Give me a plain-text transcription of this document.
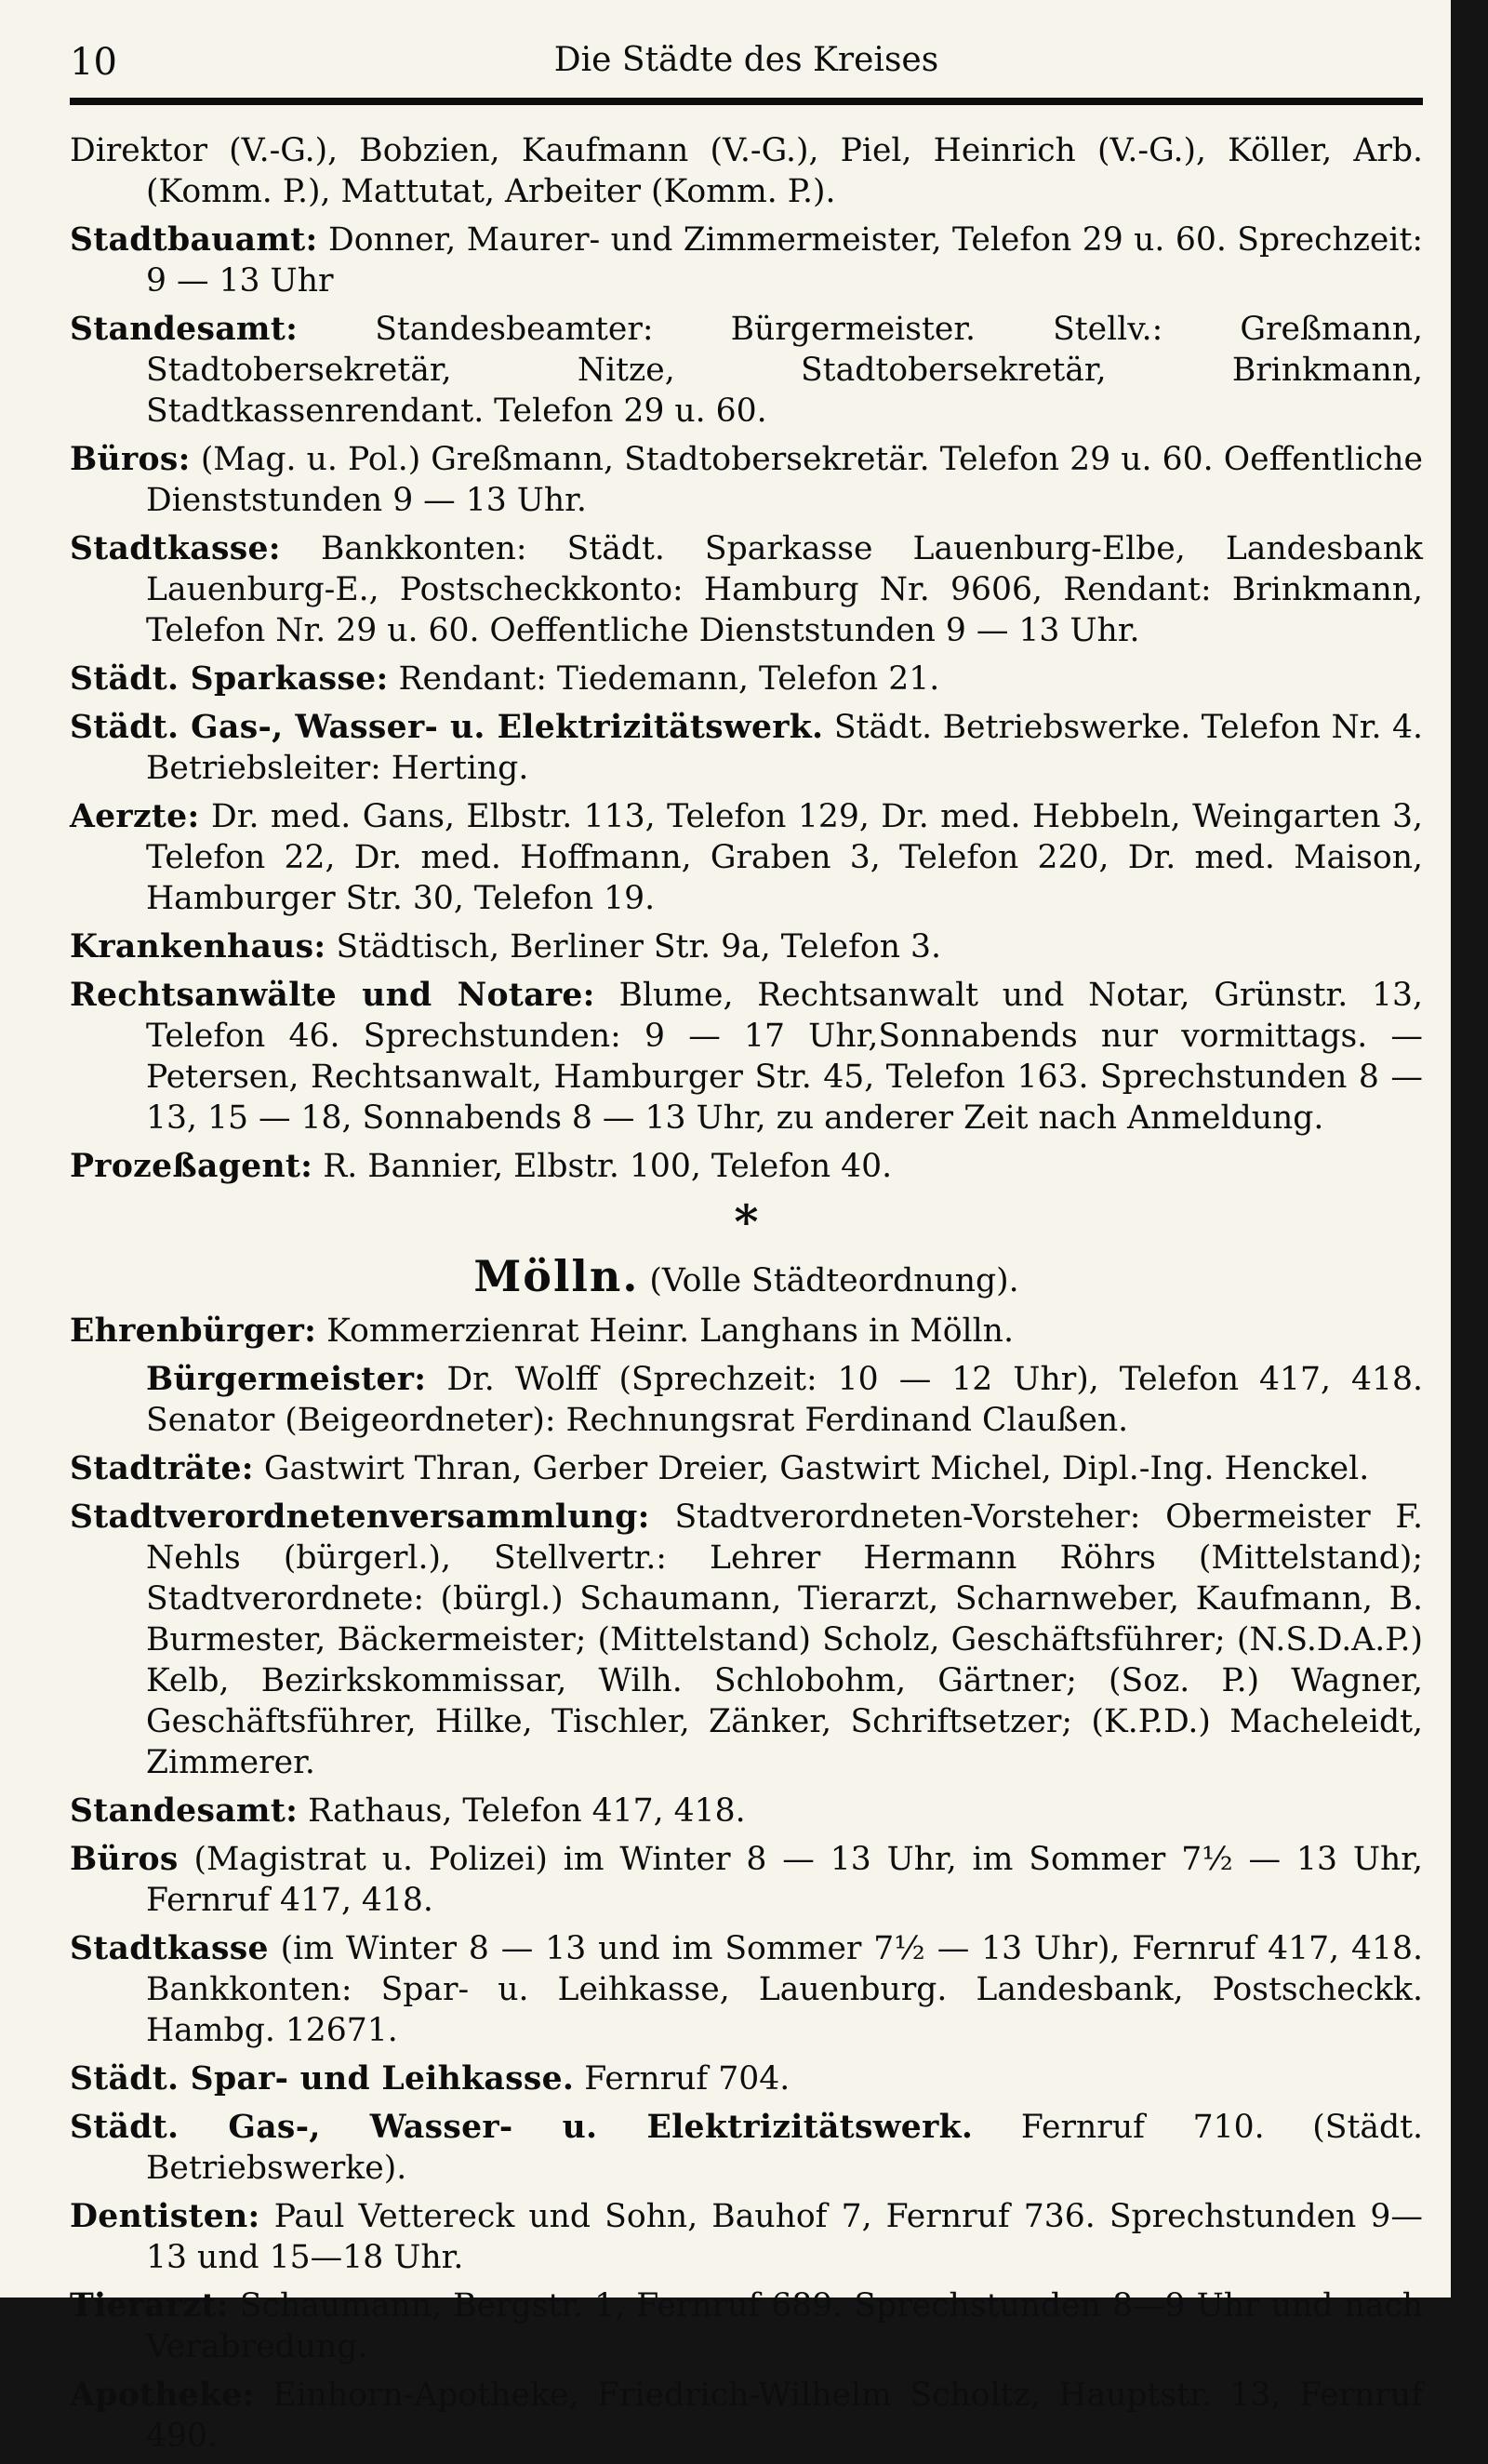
10	Die Städte des Kreises

Direktor (V.-G.), Bobzien, Kaufmann (V.-G.), Piel, Heinrich (V.-G.), Köller, Arb. (Komm. P.), Mattutat, Arbeiter (Komm. P.).

Stadtbauamt: Donner, Maurer- und Zimmermeister, Telefon 29 u. 60. Sprechzeit: 9 — 13 Uhr

Standesamt: Standesbeamter: Bürgermeister. Stellv.: Greßmann, Stadtobersekretär, Nitze, Stadtobersekretär, Brinkmann, Stadtkassenrendant. Telefon 29 u. 60.

Büros: (Mag. u. Pol.) Greßmann, Stadtobersekretär. Telefon 29 u. 60. Oeffentliche Dienststunden 9 — 13 Uhr.

Stadtkasse: Bankkonten: Städt. Sparkasse Lauenburg-Elbe, Landesbank Lauenburg-E., Postscheckkonto: Hamburg Nr. 9606, Rendant: Brinkmann, Telefon Nr. 29 u. 60. Oeffentliche Dienststunden 9 — 13 Uhr.

Städt. Sparkasse: Rendant: Tiedemann, Telefon 21.

Städt. Gas-, Wasser- u. Elektrizitätswerk. Städt. Betriebswerke. Telefon Nr. 4. Betriebsleiter: Herting.

Aerzte: Dr. med. Gans, Elbstr. 113, Telefon 129, Dr. med. Hebbeln, Weingarten 3, Telefon 22, Dr. med. Hoffmann, Graben 3, Telefon 220, Dr. med. Maison, Hamburger Str. 30, Telefon 19.

Krankenhaus: Städtisch, Berliner Str. 9a, Telefon 3.

Rechtsanwälte und Notare: Blume, Rechtsanwalt und Notar, Grünstr. 13, Telefon 46. Sprechstunden: 9 — 17 Uhr,Sonnabends nur vormittags. — Petersen, Rechtsanwalt, Hamburger Str. 45, Telefon 163. Sprechstunden 8 — 13, 15 — 18, Sonnabends 8 — 13 Uhr, zu anderer Zeit nach Anmeldung.

Prozeßagent: R. Bannier, Elbstr. 100, Telefon 40.

*
Mölln. (Volle Städteordnung).

Ehrenbürger: Kommerzienrat Heinr. Langhans in Mölln.

Bürgermeister: Dr. Wolff (Sprechzeit: 10 — 12 Uhr), Telefon 417, 418. Senator (Beigeordneter): Rechnungsrat Ferdinand Claußen.

Stadträte: Gastwirt Thran, Gerber Dreier, Gastwirt Michel, Dipl.-Ing. Henckel.

Stadtverordnetenversammlung: Stadtverordneten-Vorsteher: Obermeister F. Nehls (bürgerl.), Stellvertr.: Lehrer Hermann Röhrs (Mittelstand); Stadtverordnete: (bürgl.) Schaumann, Tierarzt, Scharnweber, Kaufmann, B. Burmester, Bäckermeister; (Mittelstand) Scholz, Geschäftsführer; (N.S.D.A.P.) Kelb, Bezirkskommissar, Wilh. Schlobohm, Gärtner; (Soz. P.) Wagner, Geschäftsführer, Hilke, Tischler, Zänker, Schriftsetzer; (K.P.D.) Macheleidt, Zimmerer.

Standesamt: Rathaus, Telefon 417, 418.

Büros (Magistrat u. Polizei) im Winter 8 — 13 Uhr, im Sommer 7½ — 13 Uhr, Fernruf 417, 418.

Stadtkasse (im Winter 8 — 13 und im Sommer 7½ — 13 Uhr), Fernruf 417, 418. Bankkonten: Spar- u. Leihkasse, Lauenburg. Landesbank, Postscheckk. Hambg. 12671.

Städt. Spar- und Leihkasse. Fernruf 704.

Städt. Gas-, Wasser- u. Elektrizitätswerk. Fernruf 710. (Städt. Betriebswerke).

Dentisten: Paul Vettereck und Sohn, Bauhof 7, Fernruf 736. Sprechstunden 9—13 und 15—18 Uhr.

Tierarzt: Schaumann, Bergstr. 1, Fernruf 689. Sprechstunden 8—9 Uhr und nach Verabredung.

Apotheke: Einhorn-Apotheke, Friedrich-Wilhelm Scholtz, Hauptstr. 13, Fernruf 490.
